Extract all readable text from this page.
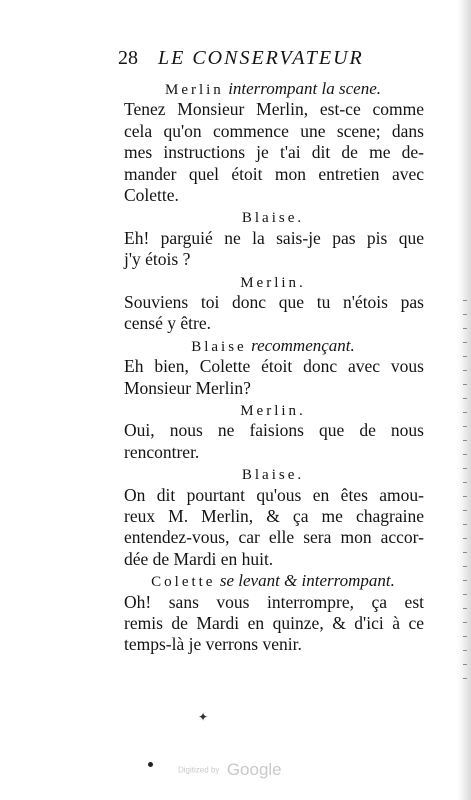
28 LE CONSERVATEUR
Merlin interrompant la scene.
Tenez Monsieur Merlin, est-ce comme
cela qu'on commence une scene; dans
mes instructions je t'ai dit de me de-
mander quel étoit mon entretien avec
Colette.
Blaise.
Eh! parguié ne la sais-je pas pis que
j'y étois ?
Merlin.
Souviens toi donc que tu n'étois pas
censé y être.
Blaise recommençant.
Eh bien, Colette étoit donc avec vous
Monsieur Merlin?
Merlin.
Oui, nous ne faisions que de nous
rencontrer.
Blaise.
On dit pourtant qu'ous en êtes amou-
reux M. Merlin, & ça me chagraine
entendez-vous, car elle sera mon accor-
dée de Mardi en huit.
Colette se levant & interrompant.
Oh! sans vous interrompre, ça est
remis de Mardi en quinze, & d'ici à ce
temps-là je verrons venir.
✦
Digitized by Google
